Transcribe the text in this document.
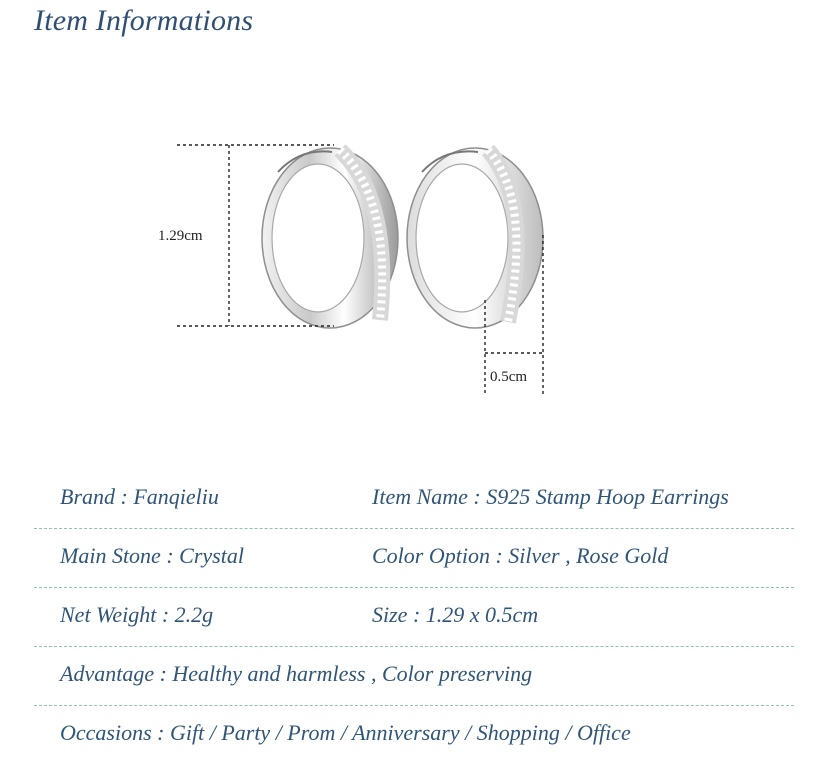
Item Informations
1.29cm
0.5cm
Brand : Fanqieliu	Item Name : S925 Stamp Hoop Earrings
Main Stone : Crystal	Color Option : Silver , Rose Gold
Net Weight : 2.2g	Size : 1.29 x 0.5cm
Advantage : Healthy and harmless , Color preserving
Occasions : Gift / Party / Prom / Anniversary / Shopping / Office
